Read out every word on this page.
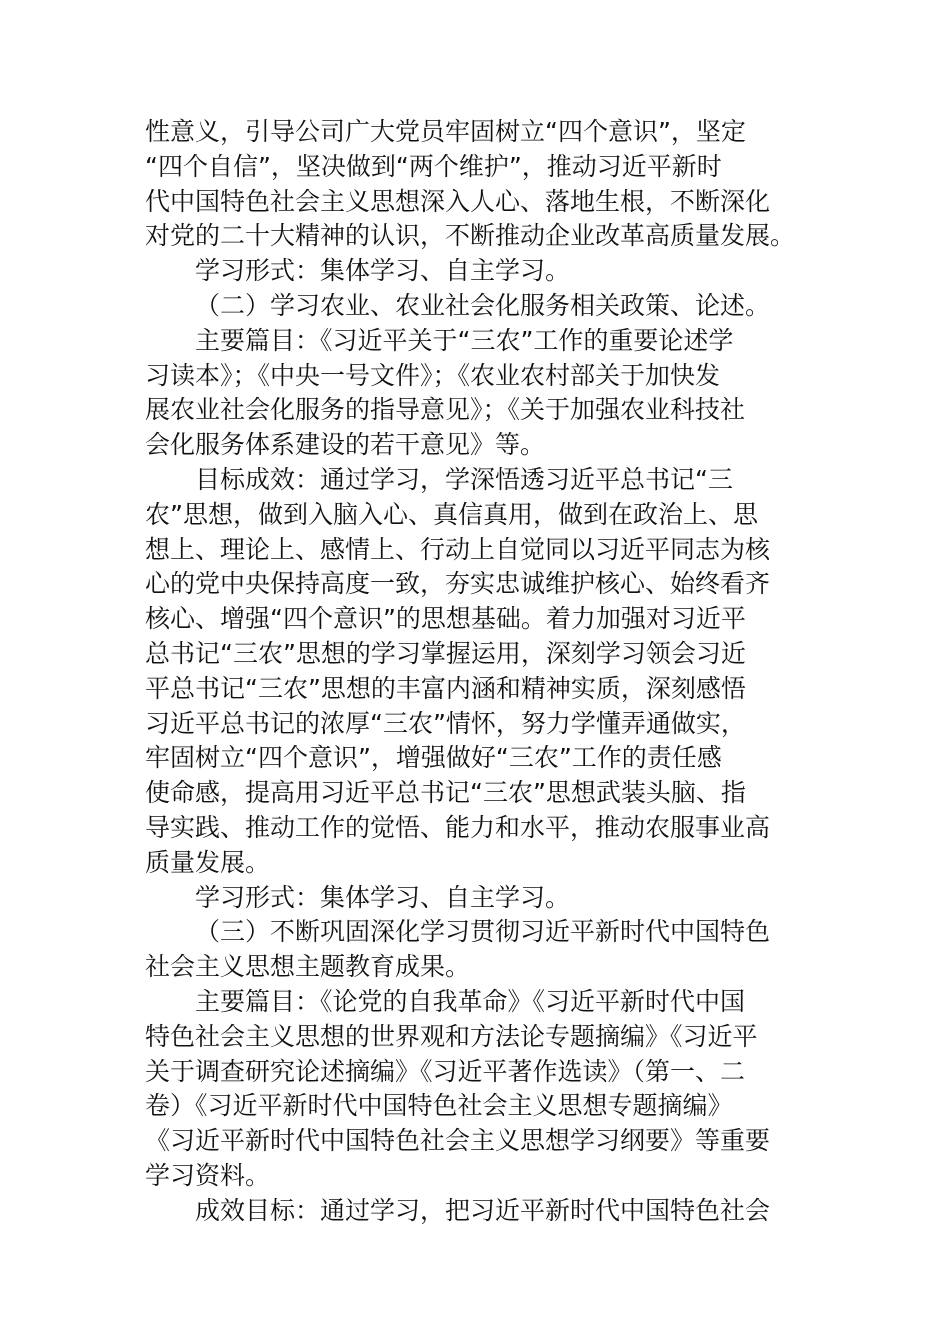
性意义，引导公司广大党员牢固树立“四个意识”，坚定
“四个自信”，坚决做到“两个维护”，推动习近平新时
代中国特色社会主义思想深入人心、落地生根，不断深化
对党的二十大精神的认识，不断推动企业改革高质量发展。
学习形式：集体学习、自主学习。
（二）学习农业、农业社会化服务相关政策、论述。
主要篇目：《习近平关于“三农”工作的重要论述学
习读本》；《中央一号文件》；《农业农村部关于加快发
展农业社会化服务的指导意见》；《关于加强农业科技社
会化服务体系建设的若干意见》等。
目标成效：通过学习，学深悟透习近平总书记“三
农”思想，做到入脑入心、真信真用，做到在政治上、思
想上、理论上、感情上、行动上自觉同以习近平同志为核
心的党中央保持高度一致，夯实忠诚维护核心、始终看齐
核心、增强“四个意识”的思想基础。着力加强对习近平
总书记“三农”思想的学习掌握运用，深刻学习领会习近
平总书记“三农”思想的丰富内涵和精神实质，深刻感悟
习近平总书记的浓厚“三农”情怀，努力学懂弄通做实，
牢固树立“四个意识”，增强做好“三农”工作的责任感
使命感，提高用习近平总书记“三农”思想武装头脑、指
导实践、推动工作的觉悟、能力和水平，推动农服事业高
质量发展。
学习形式：集体学习、自主学习。
（三）不断巩固深化学习贯彻习近平新时代中国特色
社会主义思想主题教育成果。
主要篇目：《论党的自我革命》《习近平新时代中国
特色社会主义思想的世界观和方法论专题摘编》《习近平
关于调查研究论述摘编》《习近平著作选读》（第一、二
卷）《习近平新时代中国特色社会主义思想专题摘编》
《习近平新时代中国特色社会主义思想学习纲要》等重要
学习资料。
成效目标：通过学习，把习近平新时代中国特色社会
